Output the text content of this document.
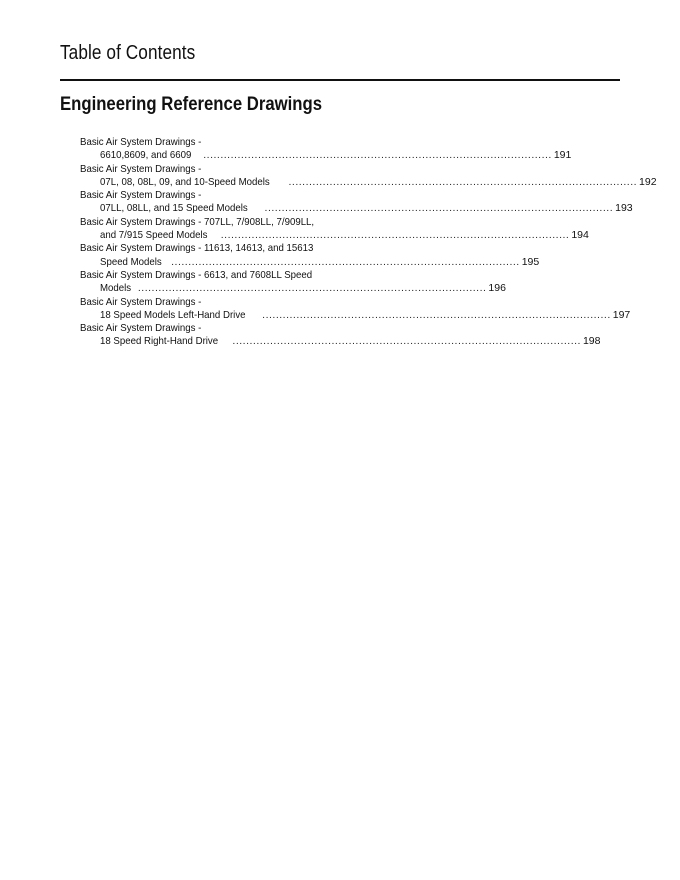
Table of Contents
Engineering Reference Drawings
Basic Air System Drawings -
6610,8609, and 6609 ...................................................................................................... 191
Basic Air System Drawings -
07L, 08, 08L, 09, and 10-Speed Models ...................................................................................................... 192
Basic Air System Drawings -
07LL, 08LL, and 15 Speed Models ...................................................................................................... 193
Basic Air System Drawings - 707LL, 7/908LL, 7/909LL,
and 7/915 Speed Models ...................................................................................................... 194
Basic Air System Drawings - 11613, 14613, and 15613
Speed Models ...................................................................................................... 195
Basic Air System Drawings - 6613, and 7608LL Speed
Models ...................................................................................................... 196
Basic Air System Drawings -
18 Speed Models Left-Hand Drive ...................................................................................................... 197
Basic Air System Drawings -
18 Speed Right-Hand Drive ...................................................................................................... 198
